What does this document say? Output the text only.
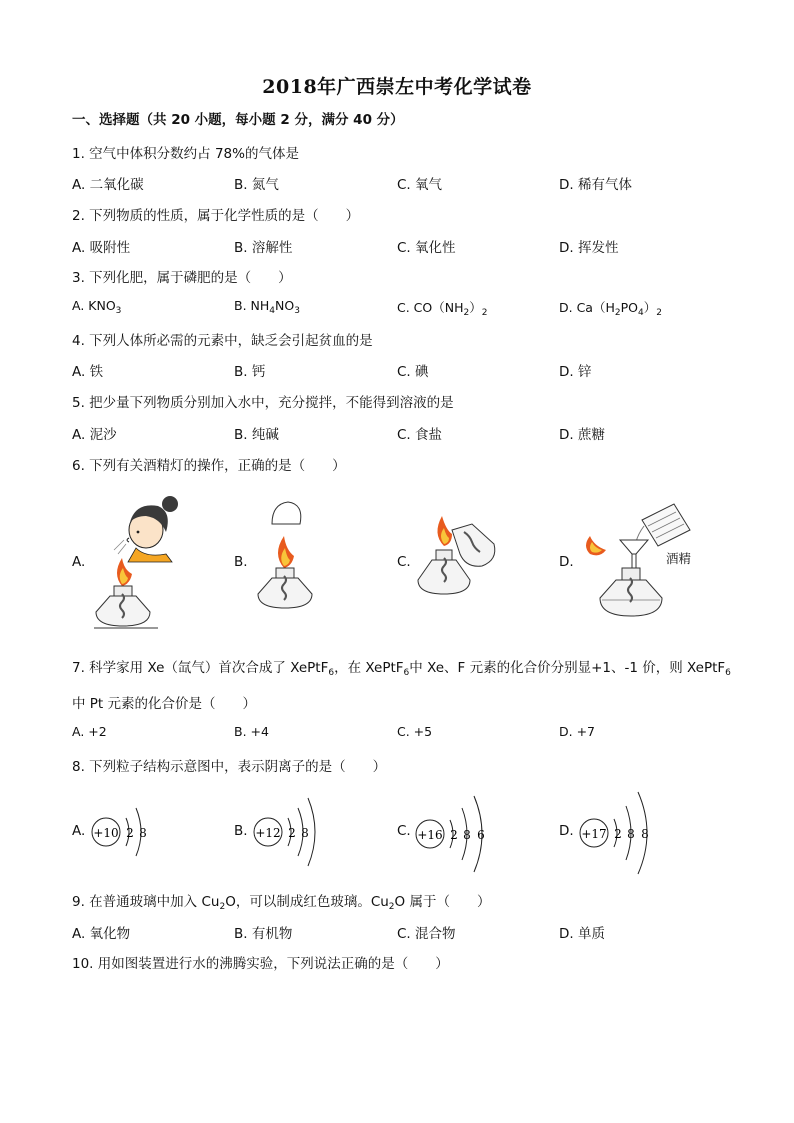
2018年广西崇左中考化学试卷
一、选择题（共 20 小题，每小题 2 分，满分 40 分）
1. 空气中体积分数约占 78%的气体是
A. 二氧化碳	B. 氮气	C. 氧气	D. 稀有气体
2. 下列物质的性质，属于化学性质的是（　　）
A. 吸附性	B. 溶解性	C. 氧化性	D. 挥发性
3. 下列化肥，属于磷肥的是（　　）
A. $KNO_3$	B. $NH_4NO_3$	C. $CO(NH_2)_2$	D. $Ca(H_2PO_4)_2$
4. 下列人体所必需的元素中，缺乏会引起贫血的是
A. 铁	B. 钙	C. 碘	D. 锌
5. 把少量下列物质分别加入水中，充分搅拌，不能得到溶液的是
A. 泥沙	B. 纯碱	C. 食盐	D. 蔗糖
6. 下列有关酒精灯的操作，正确的是（　　）
A.	B.	C.	D.	酒精
7. 科学家用 Xe（氙气）首次合成了 XePtF$_6$，在 XePtF$_6$中 Xe、F 元素的化合价分别显+1、-1 价，则 XePtF$_6$
中 Pt 元素的化合价是（　　）
A. +2	B. +4	C. +5	D. +7
8. 下列粒子结构示意图中，表示阴离子的是（　　）
A.	B.	C.	D.
+10 2 8	+12 2 8	+16 2 8 6	+17 2 8 8
9. 在普通玻璃中加入 $Cu_2O$，可以制成红色玻璃。$Cu_2O$ 属于（　　）
A. 氧化物	B. 有机物	C. 混合物	D. 单质
10. 用如图装置进行水的沸腾实验，下列说法正确的是（　　）
